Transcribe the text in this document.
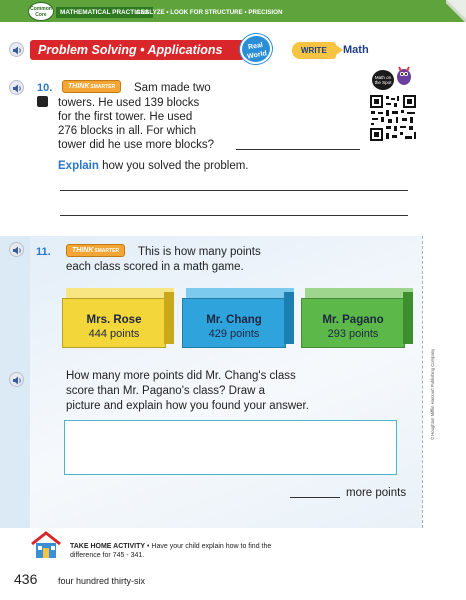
Common Core	MATHEMATICAL PRACTICES
ANALYZE • LOOK FOR STRUCTURE • PRECISION
Problem Solving • Applications	Real World	WRITE	Math
10.	THINKSMARTER	Sam made two
towers. He used 139 blocks
for the first tower. He used
276 blocks in all. For which
tower did he use more blocks?
Math on the Spot
Explain how you solved the problem.
11.	THINKSMARTER	This is how many points
each class scored in a math game.
Mrs. Rose
444 points
Mr. Chang
429 points
Mr. Pagano
293 points
How many more points did Mr. Chang's class
score than Mr. Pagano's class? Draw a
picture and explain how you found your answer.
more points
© Houghton Mifflin Harcourt Publishing Company
TAKE HOME ACTIVITY • Have your child explain how to find the difference for 745 - 341.
436 four hundred thirty-six
